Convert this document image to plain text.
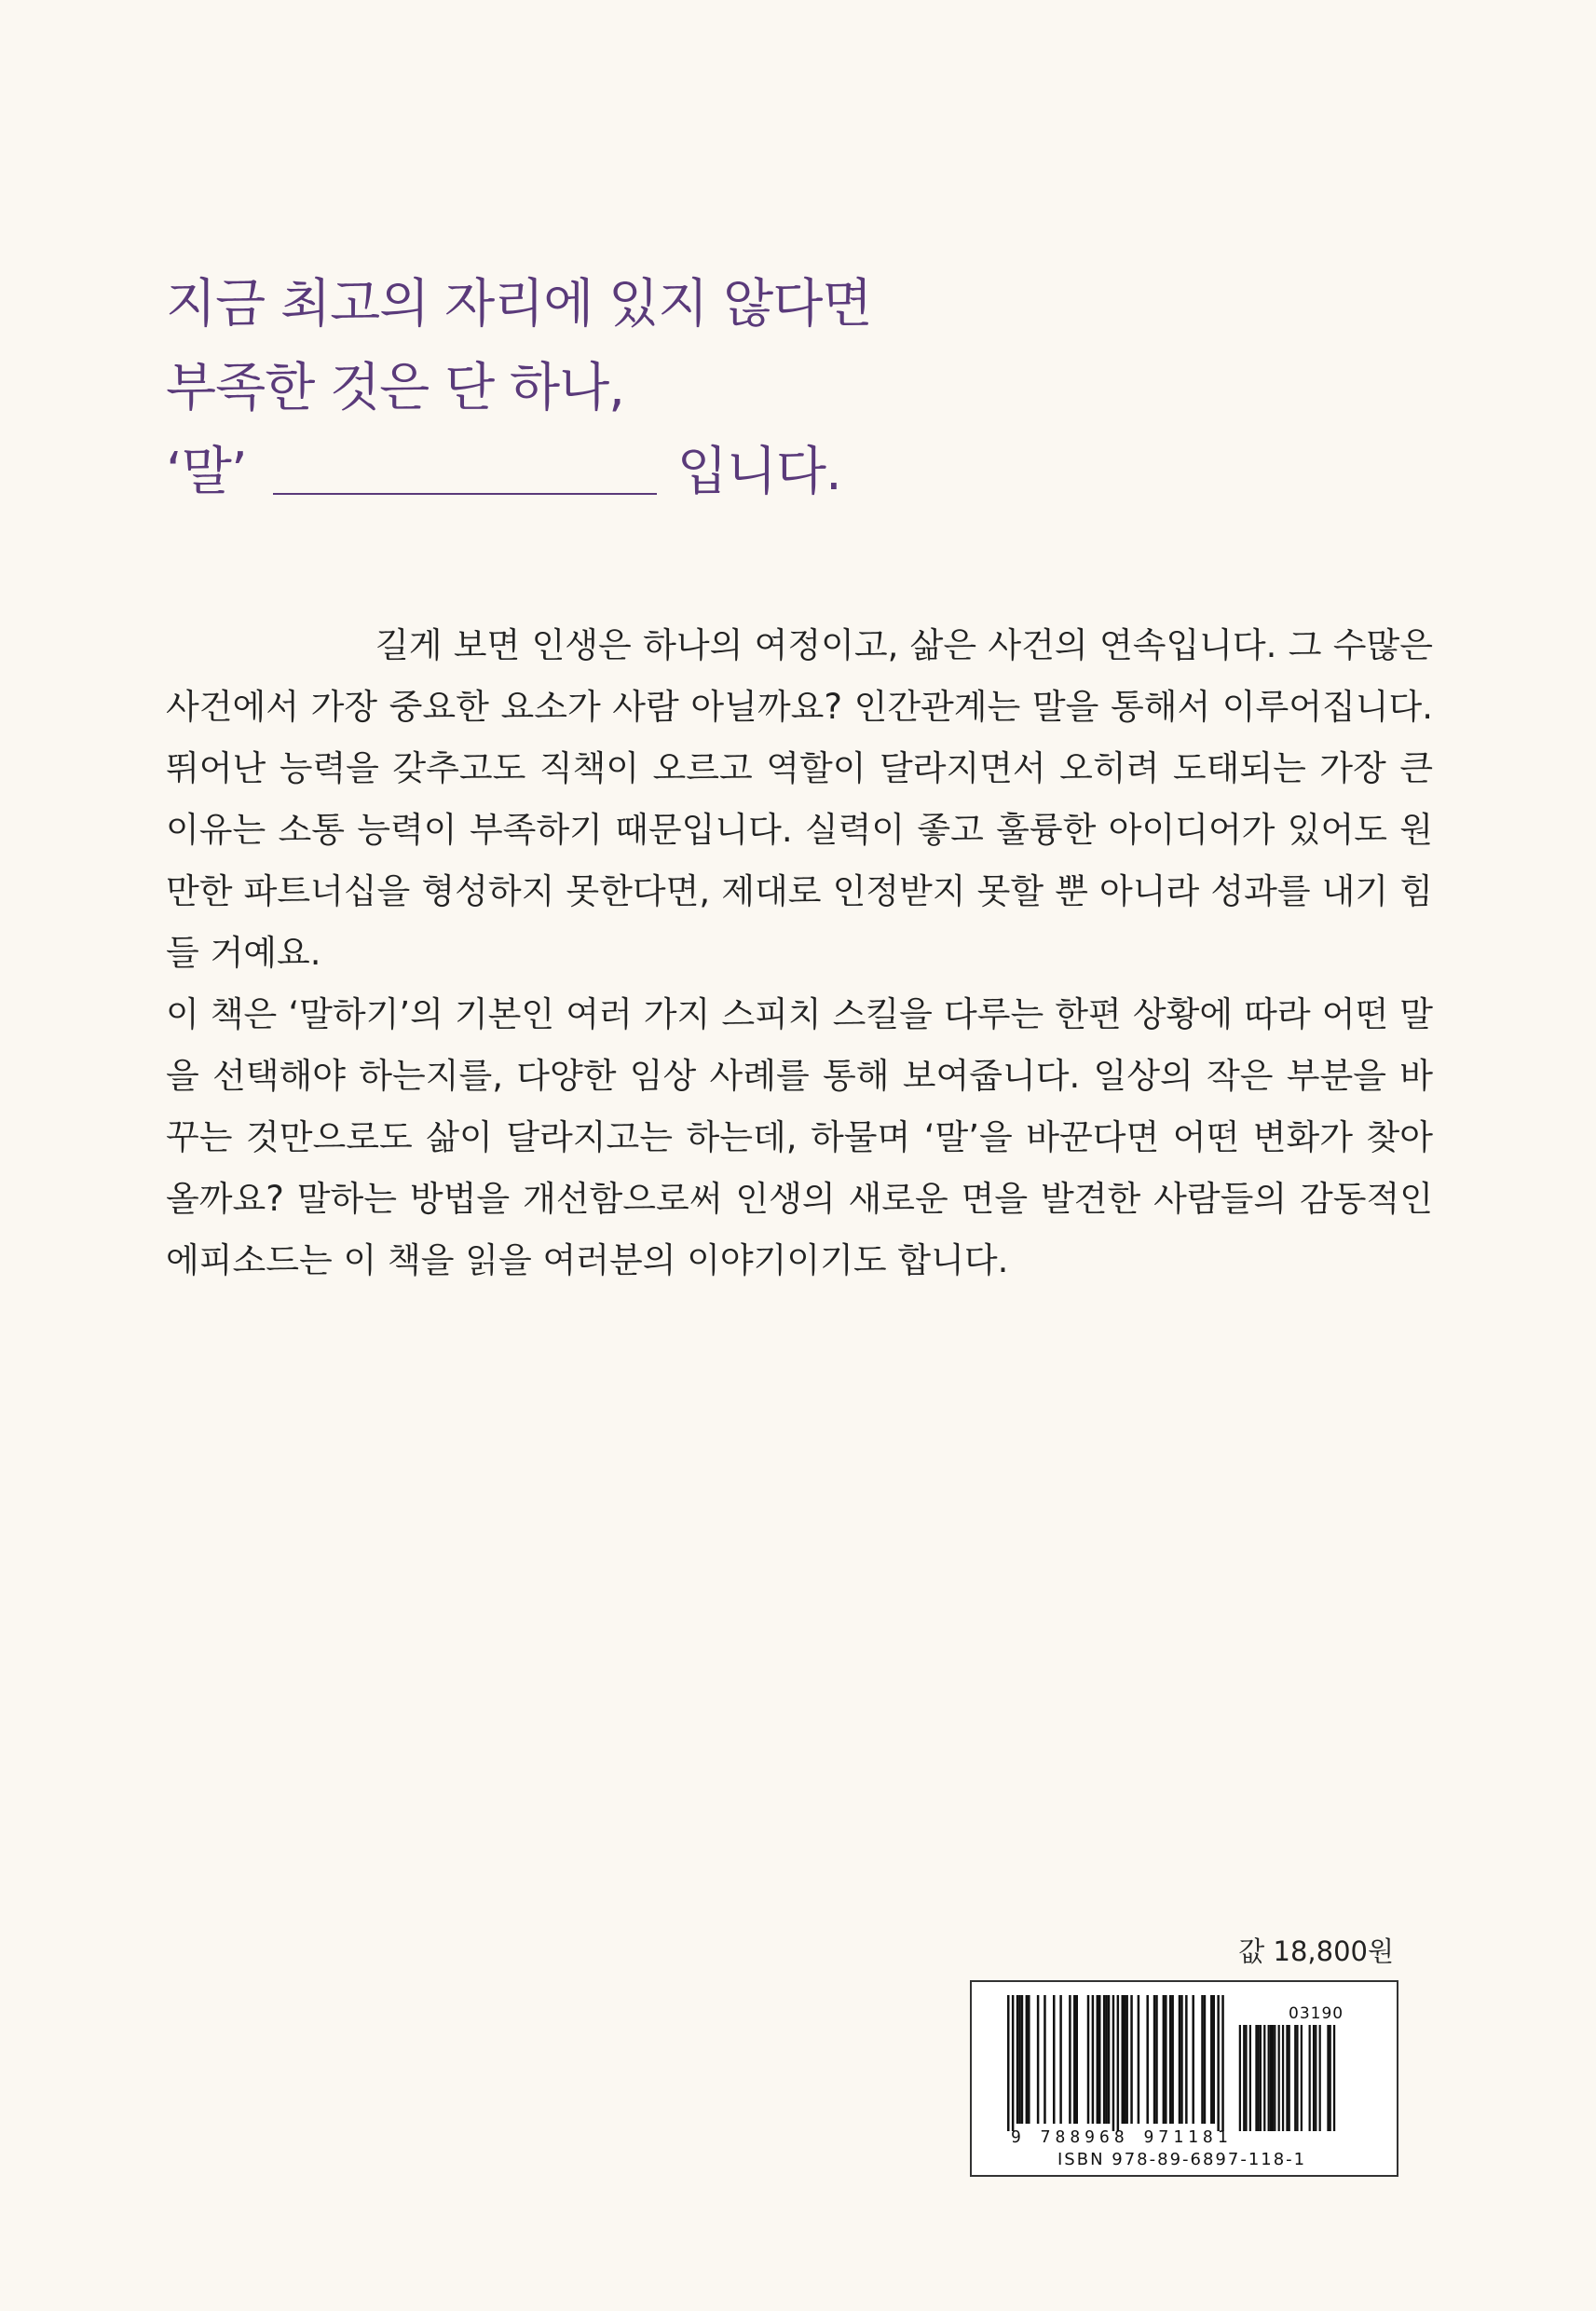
지금 최고의 자리에 있지 않다면
부족한 것은 단 하나,
‘말’	입니다.
길게 보면 인생은 하나의 여정이고, 삶은 사건의 연속입니다. 그 수많은
사건에서 가장 중요한 요소가 사람 아닐까요? 인간관계는 말을 통해서 이루어집니다.
뛰어난 능력을 갖추고도 직책이 오르고 역할이 달라지면서 오히려 도태되는 가장 큰
이유는 소통 능력이 부족하기 때문입니다. 실력이 좋고 훌륭한 아이디어가 있어도 원
만한 파트너십을 형성하지 못한다면, 제대로 인정받지 못할 뿐 아니라 성과를 내기 힘
들 거예요.
이 책은 ‘말하기’의 기본인 여러 가지 스피치 스킬을 다루는 한편 상황에 따라 어떤 말
을 선택해야 하는지를, 다양한 임상 사례를 통해 보여줍니다. 일상의 작은 부분을 바
꾸는 것만으로도 삶이 달라지고는 하는데, 하물며 ‘말’을 바꾼다면 어떤 변화가 찾아
올까요? 말하는 방법을 개선함으로써 인생의 새로운 면을 발견한 사람들의 감동적인
에피소드는 이 책을 읽을 여러분의 이야기이기도 합니다.
값 18,800원
03190
9 788968 971181
ISBN 978-89-6897-118-1
